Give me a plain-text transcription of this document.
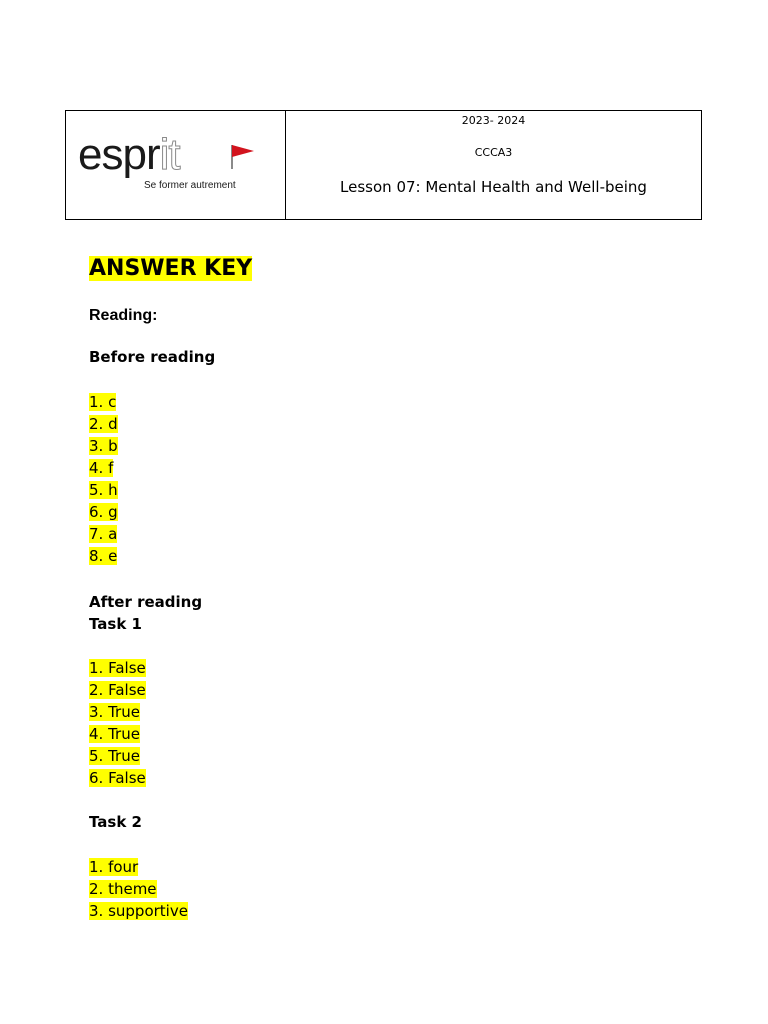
esprit
Se former autrement
2023- 2024
CCCA3
Lesson 07: Mental Health and Well-being
ANSWER KEY
Reading:
Before reading
1. c
2. d
3. b
4. f
5. h
6. g
7. a
8. e
After reading
Task 1
1. False
2. False
3. True
4. True
5. True
6. False
Task 2
1. four
2. theme
3. supportive
